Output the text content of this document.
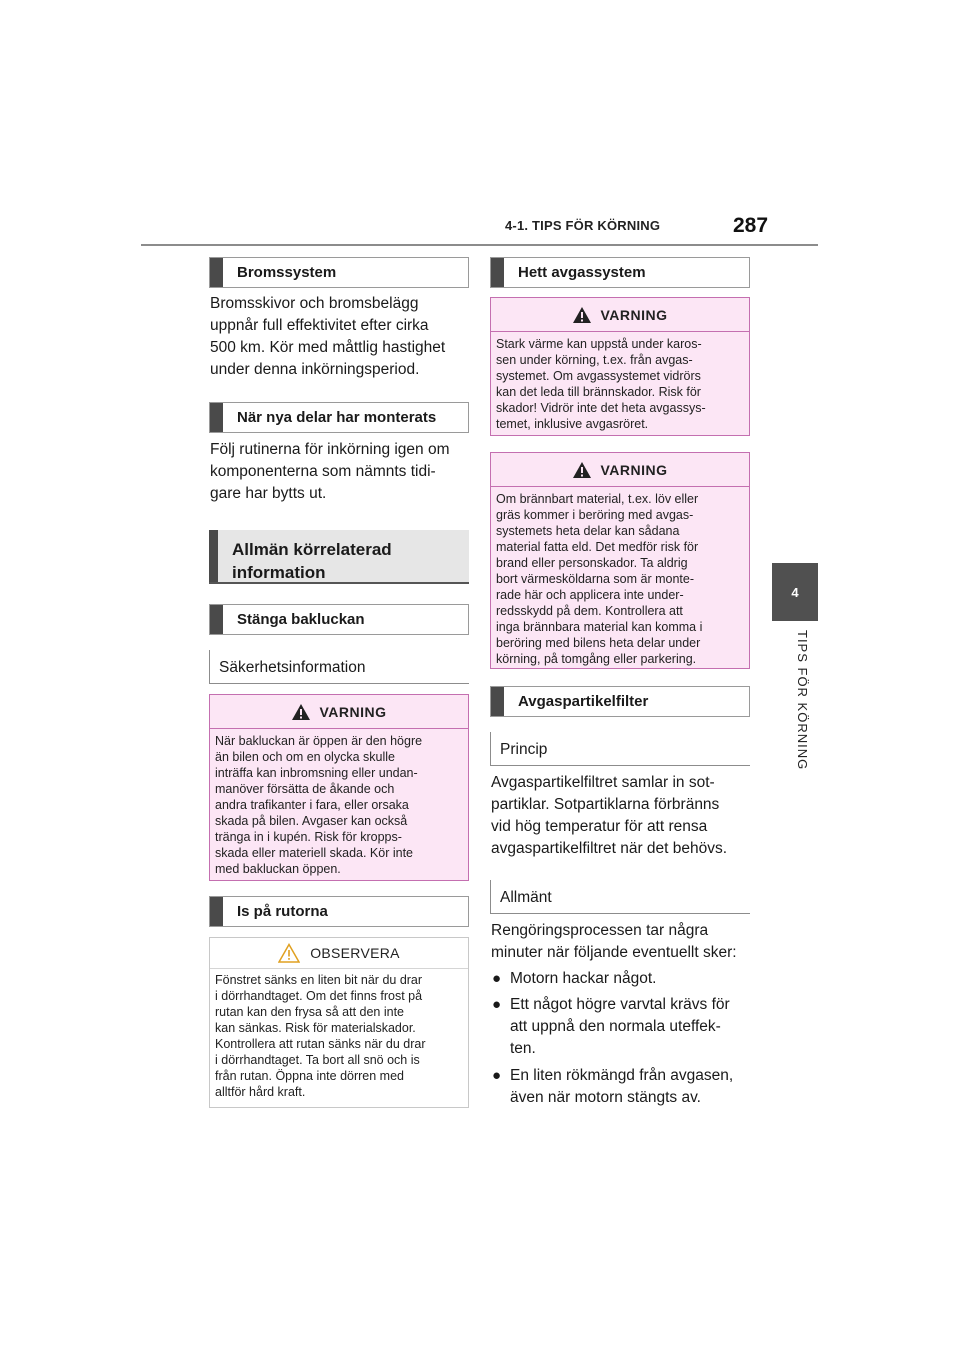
4-1. TIPS FÖR KÖRNING	287
4
TIPS FÖR KÖRNING
Bromssystem
Bromsskivor och bromsbelägg
uppnår full effektivitet efter cirka
500 km. Kör med måttlig hastighet
under denna inkörningsperiod.
När nya delar har monterats
Följ rutinerna för inkörning igen om
komponenterna som nämnts tidi-
gare har bytts ut.
Allmän körrelaterad
information
Stänga bakluckan
Säkerhetsinformation
VARNING
När bakluckan är öppen är den högre
än bilen och om en olycka skulle
inträffa kan inbromsning eller undan-
manöver försätta de åkande och
andra trafikanter i fara, eller orsaka
skada på bilen. Avgaser kan också
tränga in i kupén. Risk för kropps-
skada eller materiell skada. Kör inte
med bakluckan öppen.
Is på rutorna
OBSERVERA
Fönstret sänks en liten bit när du drar
i dörrhandtaget. Om det finns frost på
rutan kan den frysa så att den inte
kan sänkas. Risk för materialskador.
Kontrollera att rutan sänks när du drar
i dörrhandtaget. Ta bort all snö och is
från rutan. Öppna inte dörren med
alltför hård kraft.
Hett avgassystem
VARNING
Stark värme kan uppstå under karos-
sen under körning, t.ex. från avgas-
systemet. Om avgassystemet vidrörs
kan det leda till brännskador. Risk för
skador! Vidrör inte det heta avgassys-
temet, inklusive avgasröret.
VARNING
Om brännbart material, t.ex. löv eller
gräs kommer i beröring med avgas-
systemets heta delar kan sådana
material fatta eld. Det medför risk för
brand eller personskador. Ta aldrig
bort värmesköldarna som är monte-
rade här och applicera inte under-
redsskydd på dem. Kontrollera att
inga brännbara material kan komma i
beröring med bilens heta delar under
körning, på tomgång eller parkering.
Avgaspartikelfilter
Princip
Avgaspartikelfiltret samlar in sot-
partiklar. Sotpartiklarna förbränns
vid hög temperatur för att rensa
avgaspartikelfiltret när det behövs.
Allmänt
Rengöringsprocessen tar några
minuter när följande eventuellt sker:
● Motorn hackar något.
● Ett något högre varvtal krävs för
att uppnå den normala uteffek-
ten.
● En liten rökmängd från avgasen,
även när motorn stängts av.
